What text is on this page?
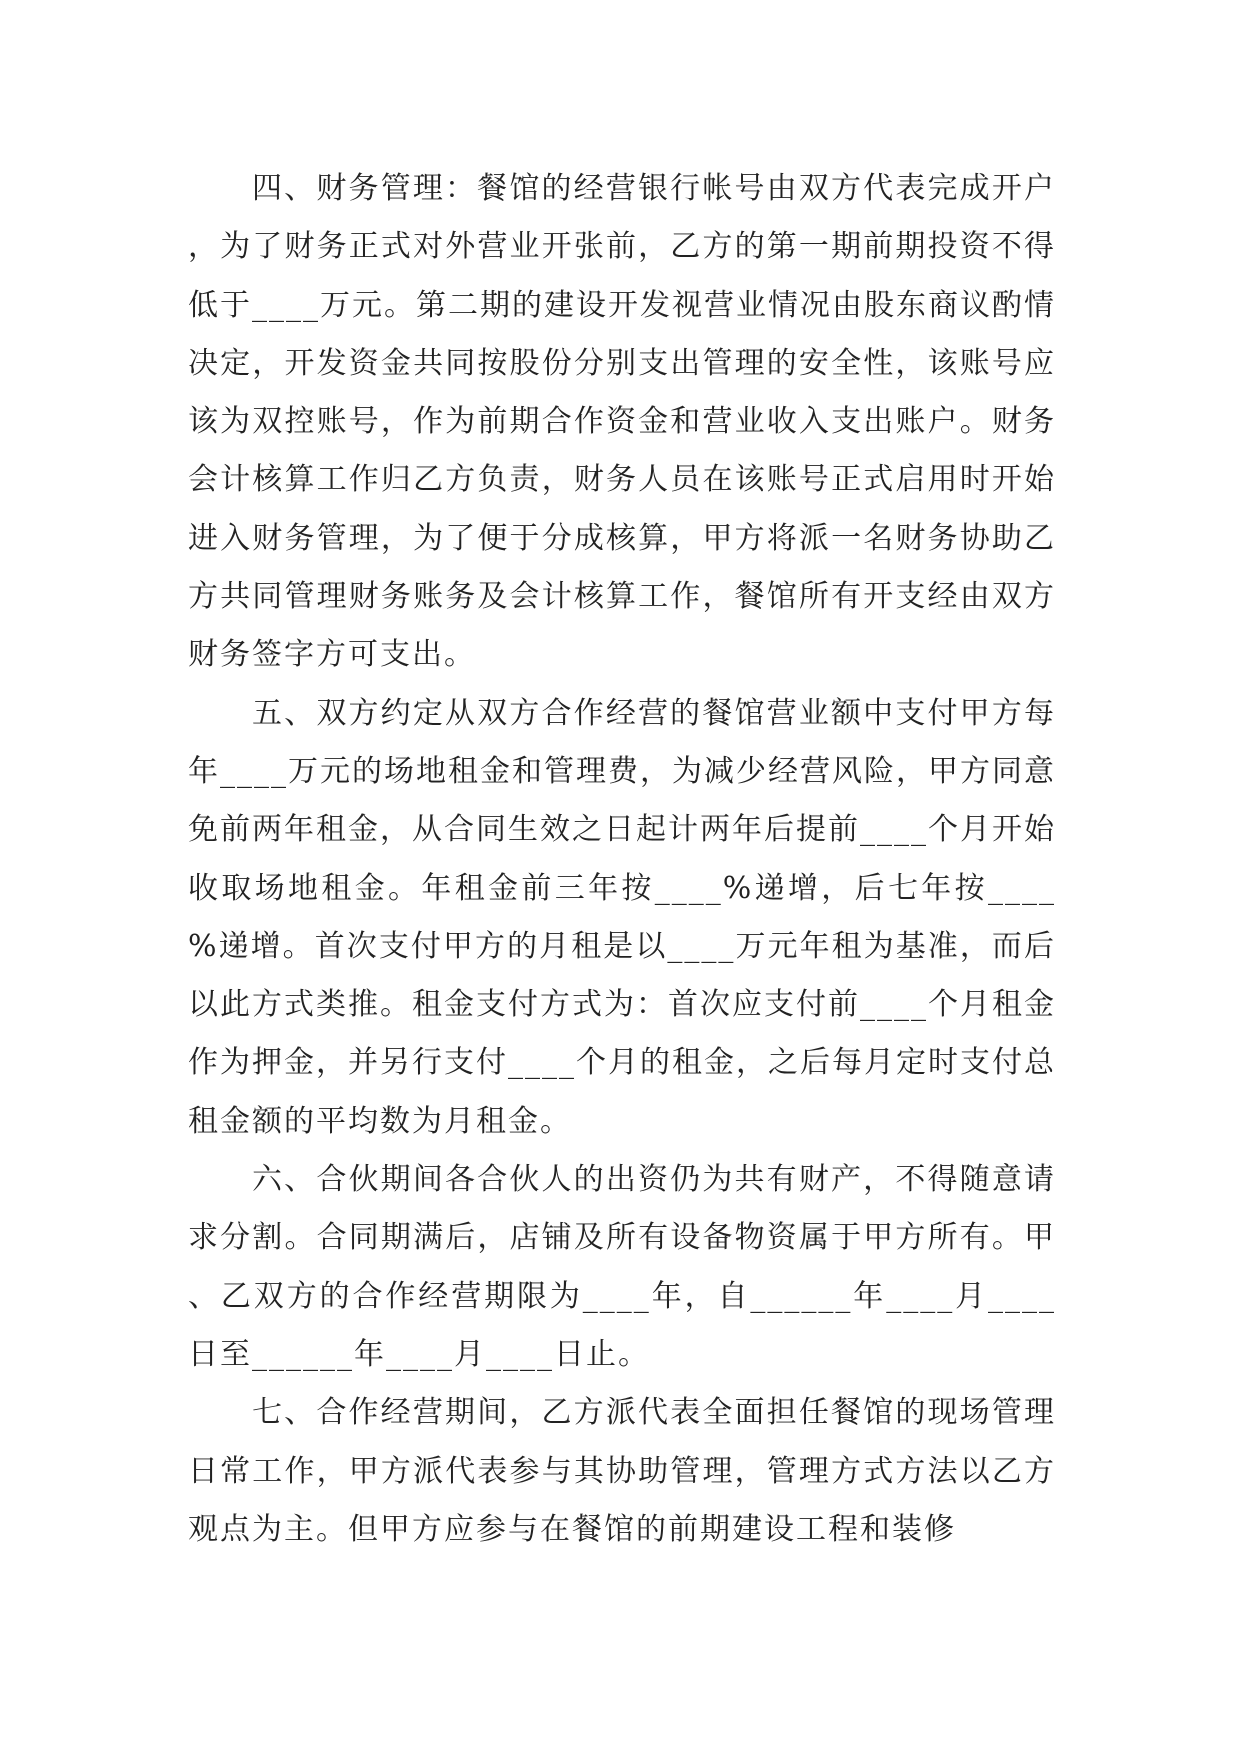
四、财务管理：餐馆的经营银行帐号由双方代表完成开户，为了财务正式对外营业开张前，乙方的第一期前期投资不得低于____万元。第二期的建设开发视营业情况由股东商议酌情决定，开发资金共同按股份分别支出管理的安全性，该账号应该为双控账号，作为前期合作资金和营业收入支出账户。财务会计核算工作归乙方负责，财务人员在该账号正式启用时开始进入财务管理，为了便于分成核算，甲方将派一名财务协助乙方共同管理财务账务及会计核算工作，餐馆所有开支经由双方财务签字方可支出。

五、双方约定从双方合作经营的餐馆营业额中支付甲方每年____万元的场地租金和管理费，为减少经营风险，甲方同意免前两年租金，从合同生效之日起计两年后提前____个月开始收取场地租金。年租金前三年按____%递增，后七年按____%递增。首次支付甲方的月租是以____万元年租为基准，而后以此方式类推。租金支付方式为：首次应支付前____个月租金作为押金，并另行支付____个月的租金，之后每月定时支付总租金额的平均数为月租金。

六、合伙期间各合伙人的出资仍为共有财产，不得随意请求分割。合同期满后，店铺及所有设备物资属于甲方所有。甲、乙双方的合作经营期限为____年，自______年____月____日至______年____月____日止。

七、合作经营期间，乙方派代表全面担任餐馆的现场管理日常工作，甲方派代表参与其协助管理，管理方式方法以乙方观点为主。但甲方应参与在餐馆的前期建设工程和装修
